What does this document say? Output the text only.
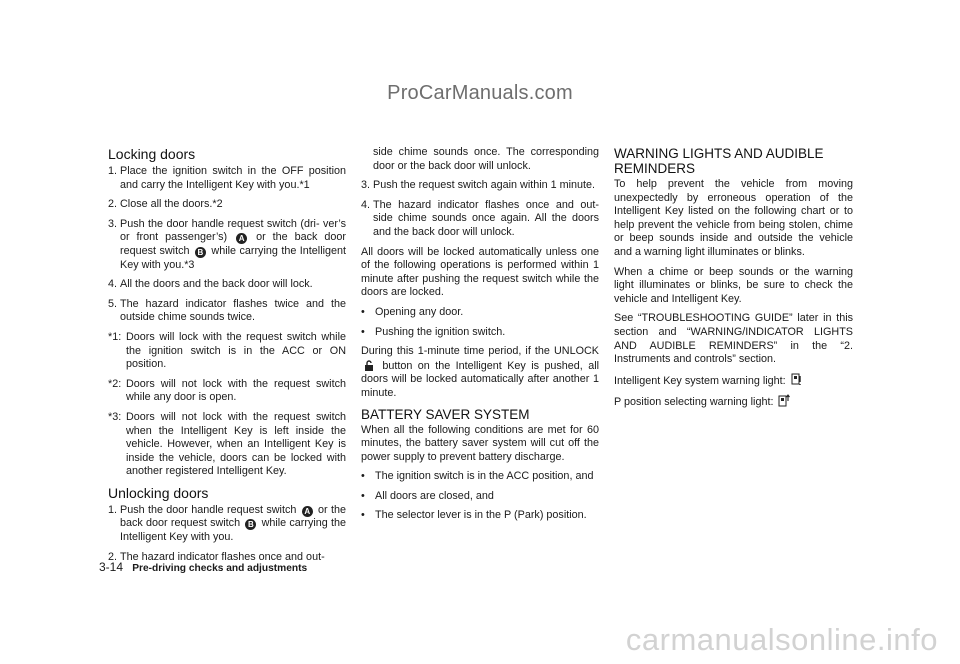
ProCarManuals.com
Locking doors
1. Place the ignition switch in the OFF position and carry the Intelligent Key with you.*1
2. Close all the doors.*2
3. Push the door handle request switch (dri- ver’s or front passenger’s) A or the back door request switch B while carrying the Intelligent Key with you.*3
4. All the doors and the back door will lock.
5. The hazard indicator flashes twice and the outside chime sounds twice.
*1: Doors will lock with the request switch while the ignition switch is in the ACC or ON position.
*2: Doors will not lock with the request switch while any door is open.
*3: Doors will not lock with the request switch when the Intelligent Key is left inside the vehicle. However, when an Intelligent Key is inside the vehicle, doors can be locked with another registered Intelligent Key.
Unlocking doors
1. Push the door handle request switch A or the back door request switch B while carrying the Intelligent Key with you.
2. The hazard indicator flashes once and out-
side chime sounds once. The corresponding door or the back door will unlock.
3. Push the request switch again within 1 minute.
4. The hazard indicator flashes once and out- side chime sounds once again. All the doors and the back door will unlock.
All doors will be locked automatically unless one of the following operations is performed within 1 minute after pushing the request switch while the doors are locked.
• Opening any door.
• Pushing the ignition switch.
During this 1-minute time period, if the UNLOCK  button on the Intelligent Key is pushed, all doors will be locked automatically after another 1 minute.
BATTERY SAVER SYSTEM
When all the following conditions are met for 60 minutes, the battery saver system will cut off the power supply to prevent battery discharge.
• The ignition switch is in the ACC position, and
• All doors are closed, and
• The selector lever is in the P (Park) position.
WARNING LIGHTS AND AUDIBLE REMINDERS
To help prevent the vehicle from moving unexpectedly by erroneous operation of the Intelligent Key listed on the following chart or to help prevent the vehicle from being stolen, chime or beep sounds inside and outside the vehicle and a warning light illuminates or blinks.
When a chime or beep sounds or the warning light illuminates or blinks, be sure to check the vehicle and Intelligent Key.
See “TROUBLESHOOTING GUIDE” later in this section and “WARNING/INDICATOR LIGHTS AND AUDIBLE REMINDERS” in the “2. Instruments and controls” section.
Intelligent Key system warning light:
P position selecting warning light:
3-14 Pre-driving checks and adjustments
carmanualsonline.info
